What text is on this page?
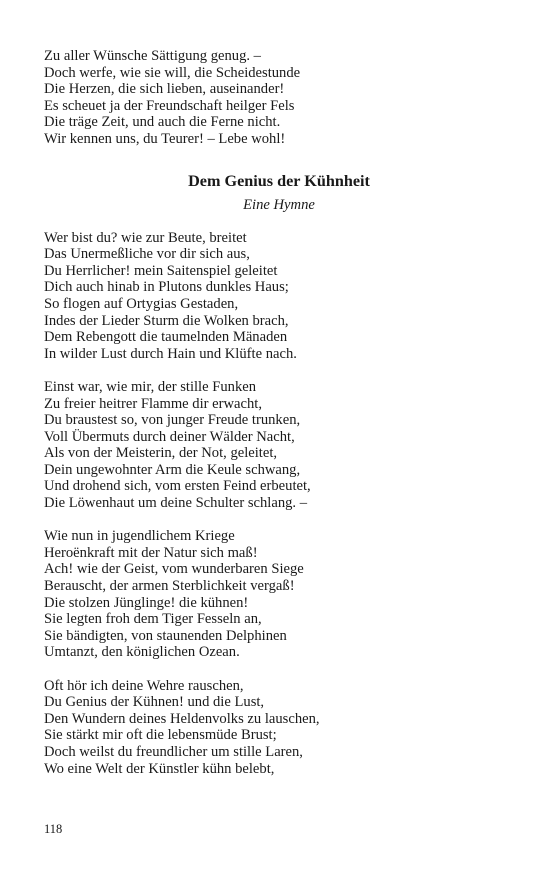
Zu aller Wünsche Sättigung genug. –
Doch werfe, wie sie will, die Scheidestunde
Die Herzen, die sich lieben, auseinander!
Es scheuet ja der Freundschaft heilger Fels
Die träge Zeit, und auch die Ferne nicht.
Wir kennen uns, du Teurer! – Lebe wohl!
Dem Genius der Kühnheit
Eine Hymne
Wer bist du? wie zur Beute, breitet
Das Unermeßliche vor dir sich aus,
Du Herrlicher! mein Saitenspiel geleitet
Dich auch hinab in Plutons dunkles Haus;
So flogen auf Ortygias Gestaden,
Indes der Lieder Sturm die Wolken brach,
Dem Rebengott die taumelnden Mänaden
In wilder Lust durch Hain und Klüfte nach.
Einst war, wie mir, der stille Funken
Zu freier heitrer Flamme dir erwacht,
Du braustest so, von junger Freude trunken,
Voll Übermuts durch deiner Wälder Nacht,
Als von der Meisterin, der Not, geleitet,
Dein ungewohnter Arm die Keule schwang,
Und drohend sich, vom ersten Feind erbeutet,
Die Löwenhaut um deine Schulter schlang. –
Wie nun in jugendlichem Kriege
Heroënkraft mit der Natur sich maß!
Ach! wie der Geist, vom wunderbaren Siege
Berauscht, der armen Sterblichkeit vergaß!
Die stolzen Jünglinge! die kühnen!
Sie legten froh dem Tiger Fesseln an,
Sie bändigten, von staunenden Delphinen
Umtanzt, den königlichen Ozean.
Oft hör ich deine Wehre rauschen,
Du Genius der Kühnen! und die Lust,
Den Wundern deines Heldenvolks zu lauschen,
Sie stärkt mir oft die lebensmüde Brust;
Doch weilst du freundlicher um stille Laren,
Wo eine Welt der Künstler kühn belebt,
118
